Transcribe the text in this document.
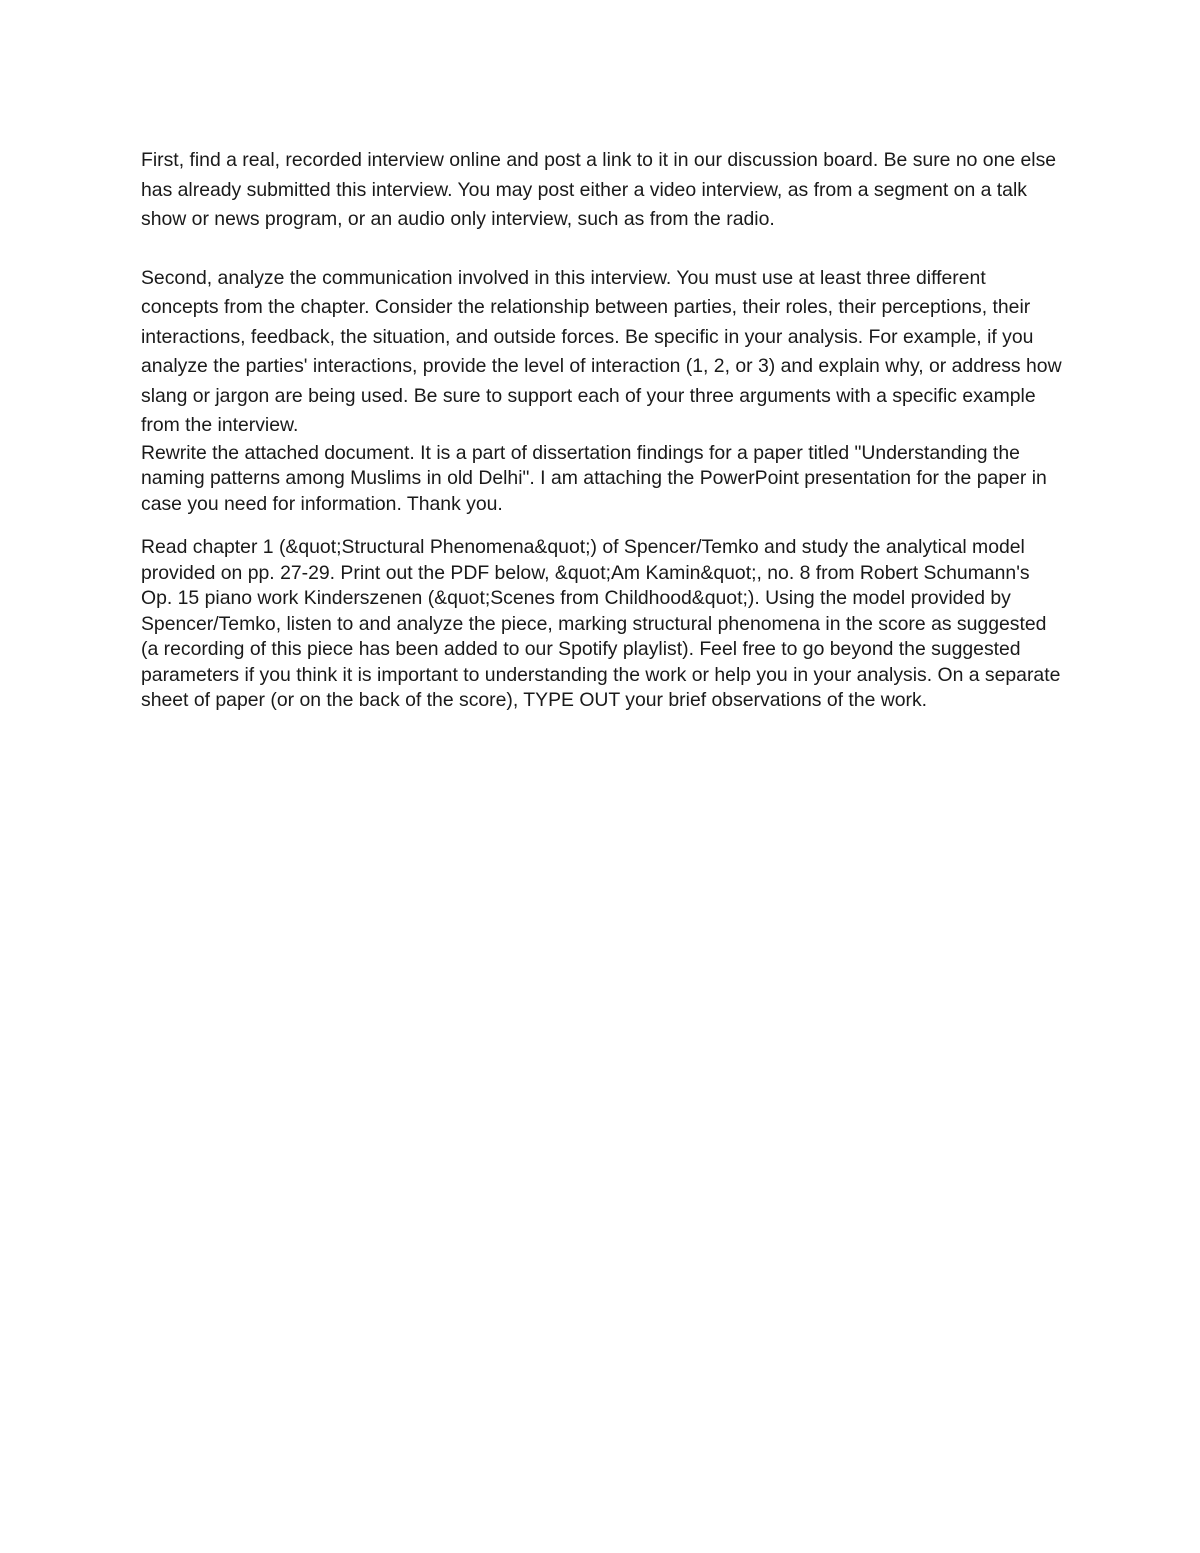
First, find a real, recorded interview online and post a link to it in our discussion board. Be sure no one else has already submitted this interview. You may post either a video interview, as from a segment on a talk show or news program, or an audio only interview, such as from the radio.

Second, analyze the communication involved in this interview. You must use at least three different concepts from the chapter. Consider the relationship between parties, their roles, their perceptions, their interactions, feedback, the situation, and outside forces. Be specific in your analysis. For example, if you analyze the parties' interactions, provide the level of interaction (1, 2, or 3) and explain why, or address how slang or jargon are being used. Be sure to support each of your three arguments with a specific example from the interview.

Rewrite the attached document. It is a part of dissertation findings for a paper titled "Understanding the naming patterns among Muslims in old Delhi". I am attaching the PowerPoint presentation for the paper in case you need for information. Thank you.

Read chapter 1 (&quot;Structural Phenomena&quot;) of Spencer/Temko and study the analytical model provided on pp. 27-29. Print out the PDF below, &quot;Am Kamin&quot;, no. 8 from Robert Schumann's Op. 15 piano work Kinderszenen (&quot;Scenes from Childhood&quot;). Using the model provided by Spencer/Temko, listen to and analyze the piece, marking structural phenomena in the score as suggested (a recording of this piece has been added to our Spotify playlist). Feel free to go beyond the suggested parameters if you think it is important to understanding the work or help you in your analysis. On a separate sheet of paper (or on the back of the score), TYPE OUT your brief observations of the work.
